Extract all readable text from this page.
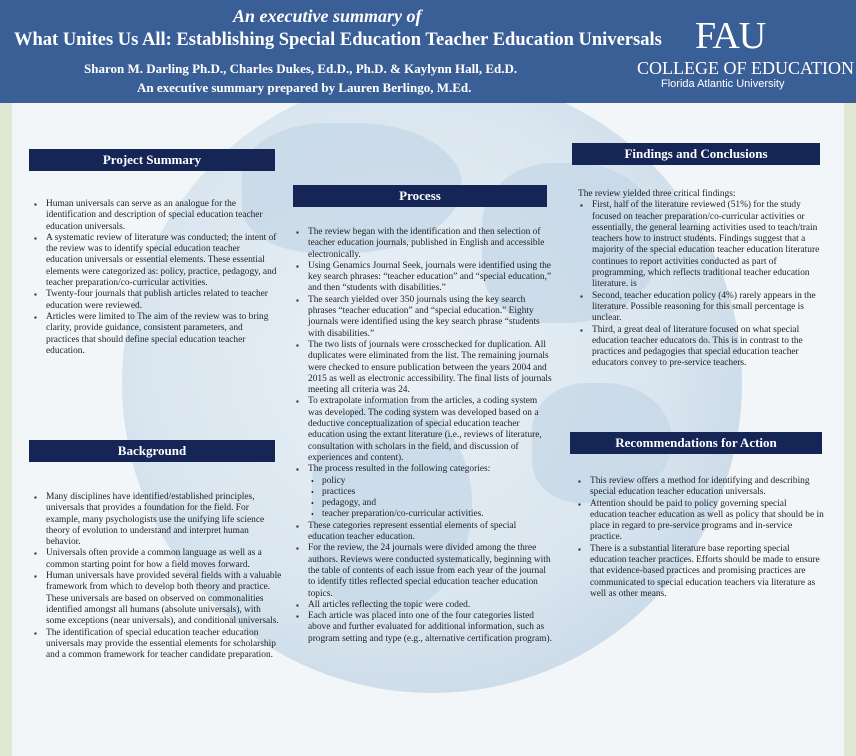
An executive summary of
What Unites Us All: Establishing Special Education Teacher Education Universals
Sharon M. Darling Ph.D., Charles Dukes, Ed.D., Ph.D. & Kaylynn Hall, Ed.D.
An executive summary prepared by Lauren Berlingo, M.Ed.
FAU
COLLEGE OF EDUCATION
Florida Atlantic University
Project Summary
▪ Human universals can serve as an analogue for the identification and description of special education teacher education universals.
▪ A systematic review of literature was conducted; the intent of the review was to identify special education teacher education universals or essential elements. These essential elements were categorized as: policy, practice, pedagogy, and teacher preparation/co-curricular activities.
▪ Twenty-four journals that publish articles related to teacher education were reviewed.
▪ Articles were limited to The aim of the review was to bring clarity, provide guidance, consistent parameters, and practices that should define special education teacher education.
Background
▪ Many disciplines have identified/established principles, universals that provides a foundation for the field. For example, many psychologists use the unifying life science theory of evolution to understand and interpret human behavior.
▪ Universals often provide a common language as well as a common starting point for how a field moves forward.
▪ Human universals have provided several fields with a valuable framework from which to develop both theory and practice. These universals are based on observed on commonalities identified amongst all humans (absolute universals), with some exceptions (near universals), and conditional universals.
▪ The identification of special education teacher education universals may provide the essential elements for scholarship and a common framework for teacher candidate preparation.
Process
▪ The review began with the identification and then selection of teacher education journals, published in English and accessible electronically.
▪ Using Genamics Journal Seek, journals were identified using the key search phrases: “teacher education” and “special education,” and then “students with disabilities.”
▪ The search yielded over 350 journals using the key search phrases “teacher education” and “special education.” Eighty journals were identified using the key search phrase “students with disabilities.”
▪ The two lists of journals were crosschecked for duplication. All duplicates were eliminated from the list. The remaining journals were checked to ensure publication between the years 2004 and 2015 as well as electronic accessibility. The final lists of journals meeting all criteria was 24.
▪ To extrapolate information from the articles, a coding system was developed. The coding system was developed based on a deductive conceptualization of special education teacher education using the extant literature (i.e., reviews of literature, consultation with scholars in the field, and discussion of experiences and content).
▪ The process resulted in the following categories:
• policy
• practices
• pedagogy, and
• teacher preparation/co-curricular activities.
▪ These categories represent essential elements of special education teacher education.
▪ For the review, the 24 journals were divided among the three authors. Reviews were conducted systematically, beginning with the table of contents of each issue from each year of the journal to identify titles reflected special education teacher education topics.
▪ All articles reflecting the topic were coded.
▪ Each article was placed into one of the four categories listed above and further evaluated for additional information, such as program setting and type (e.g., alternative certification program).
Findings and Conclusions
The review yielded three critical findings:
▪ First, half of the literature reviewed (51%) for the study focused on teacher preparation/co-curricular activities or essentially, the general learning activities used to teach/train teachers how to instruct students. Findings suggest that a majority of the special education teacher education literature continues to report activities conducted as part of programming, which reflects traditional teacher education literature. is
▪ Second, teacher education policy (4%) rarely appears in the literature. Possible reasoning for this small percentage is unclear.
▪ Third, a great deal of literature focused on what special education teacher educators do. This is in contrast to the practices and pedagogies that special education teacher educators convey to pre-service teachers.
Recommendations for Action
▪ This review offers a method for identifying and describing special education teacher education universals.
▪ Attention should be paid to policy governing special education teacher education as well as policy that should be in place in regard to pre-service programs and in-service practice.
▪ There is a substantial literature base reporting special education teacher practices. Efforts should be made to ensure that evidence-based practices and promising practices are communicated to special education teachers via literature as well as other means.
